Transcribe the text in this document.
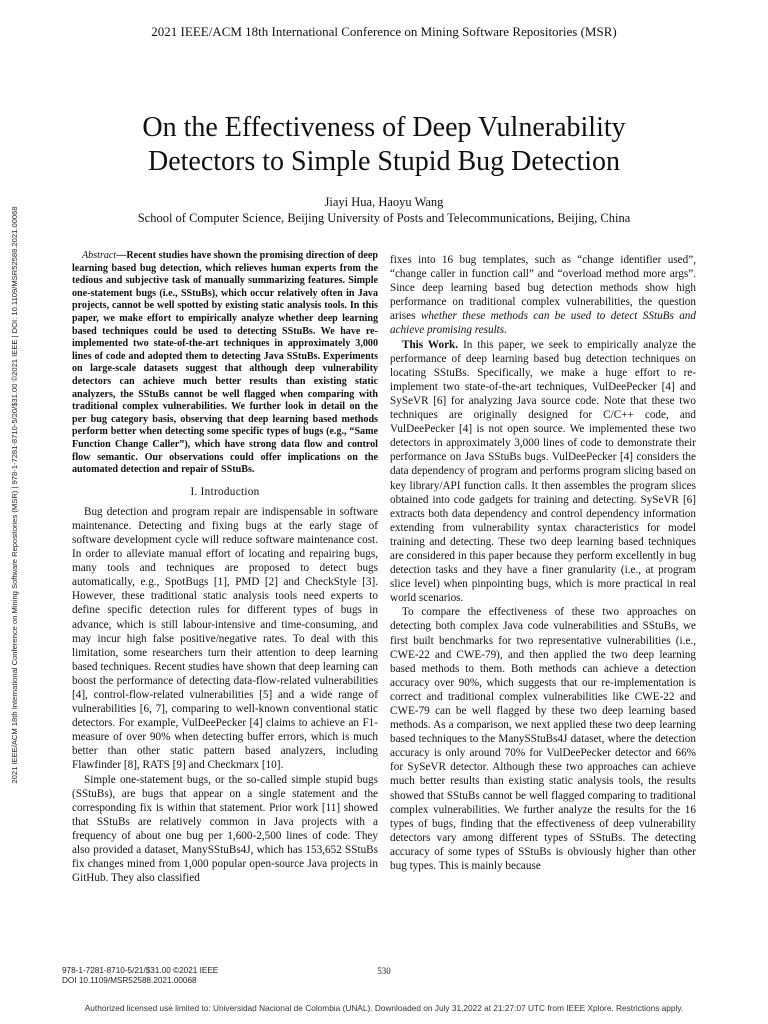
2021 IEEE/ACM 18th International Conference on Mining Software Repositories (MSR)
2021 IEEE/ACM 18th International Conference on Mining Software Repositories (MSR) | 978-1-7281-8710-5/20/$31.00 ©2021 IEEE | DOI: 10.1109/MSR52588.2021.00068
On the Effectiveness of Deep Vulnerability
Detectors to Simple Stupid Bug Detection
Jiayi Hua, Haoyu Wang
School of Computer Science, Beijing University of Posts and Telecommunications, Beijing, China

Abstract—Recent studies have shown the promising direction of deep learning based bug detection, which relieves human experts from the tedious and subjective task of manually summarizing features. Simple one-statement bugs (i.e., SStuBs), which occur relatively often in Java projects, cannot be well spotted by existing static analysis tools. In this paper, we make effort to empirically analyze whether deep learning based techniques could be used to detecting SStuBs. We have re-implemented two state-of-the-art techniques in approximately 3,000 lines of code and adopted them to detecting Java SStuBs. Experiments on large-scale datasets suggest that although deep vulnerability detectors can achieve much better results than existing static analyzers, the SStuBs cannot be well flagged when comparing with traditional complex vulnerabilities. We further look in detail on the per bug category basis, observing that deep learning based methods perform better when detecting some specific types of bugs (e.g., “Same Function Change Caller”), which have strong data flow and control flow semantic. Our observations could offer implications on the automated detection and repair of SStuBs.

I. Introduction

Bug detection and program repair are indispensable in software maintenance. Detecting and fixing bugs at the early stage of software development cycle will reduce software maintenance cost. In order to alleviate manual effort of locating and repairing bugs, many tools and techniques are proposed to detect bugs automatically, e.g., SpotBugs [1], PMD [2] and CheckStyle [3]. However, these traditional static analysis tools need experts to define specific detection rules for different types of bugs in advance, which is still labour-intensive and time-consuming, and may incur high false positive/negative rates. To deal with this limitation, some researchers turn their attention to deep learning based techniques. Recent studies have shown that deep learning can boost the performance of detecting data-flow-related vulnerabilities [4], control-flow-related vulnerabilities [5] and a wide range of vulnerabilities [6, 7], comparing to well-known conventional static detectors. For example, VulDeePecker [4] claims to achieve an F1-measure of over 90% when detecting buffer errors, which is much better than other static pattern based analyzers, including Flawfinder [8], RATS [9] and Checkmarx [10].

Simple one-statement bugs, or the so-called simple stupid bugs (SStuBs), are bugs that appear on a single statement and the corresponding fix is within that statement. Prior work [11] showed that SStuBs are relatively common in Java projects with a frequency of about one bug per 1,600-2,500 lines of code. They also provided a dataset, ManySStuBs4J, which has 153,652 SStuBs fix changes mined from 1,000 popular open-source Java projects in GitHub. They also classified

fixes into 16 bug templates, such as “change identifier used”, “change caller in function call” and “overload method more args”. Since deep learning based bug detection methods show high performance on traditional complex vulnerabilities, the question arises whether these methods can be used to detect SStuBs and achieve promising results.

This Work. In this paper, we seek to empirically analyze the performance of deep learning based bug detection techniques on locating SStuBs. Specifically, we make a huge effort to re-implement two state-of-the-art techniques, VulDeePecker [4] and SySeVR [6] for analyzing Java source code. Note that these two techniques are originally designed for C/C++ code, and VulDeePecker [4] is not open source. We implemented these two detectors in approximately 3,000 lines of code to demonstrate their performance on Java SStuBs bugs. VulDeePecker [4] considers the data dependency of program and performs program slicing based on key library/API function calls. It then assembles the program slices obtained into code gadgets for training and detecting. SySeVR [6] extracts both data dependency and control dependency information extending from vulnerability syntax characteristics for model training and detecting. These two deep learning based techniques are considered in this paper because they perform excellently in bug detection tasks and they have a finer granularity (i.e., at program slice level) when pinpointing bugs, which is more practical in real world scenarios.

To compare the effectiveness of these two approaches on detecting both complex Java code vulnerabilities and SStuBs, we first built benchmarks for two representative vulnerabilities (i.e., CWE-22 and CWE-79), and then applied the two deep learning based methods to them. Both methods can achieve a detection accuracy over 90%, which suggests that our re-implementation is correct and traditional complex vulnerabilities like CWE-22 and CWE-79 can be well flagged by these two deep learning based methods. As a comparison, we next applied these two deep learning based techniques to the ManySStuBs4J dataset, where the detection accuracy is only around 70% for VulDeePecker detector and 66% for SySeVR detector. Although these two approaches can achieve much better results than existing static analysis tools, the results showed that SStuBs cannot be well flagged comparing to traditional complex vulnerabilities. We further analyze the results for the 16 types of bugs, finding that the effectiveness of deep vulnerability detectors vary among different types of SStuBs. The detecting accuracy of some types of SStuBs is obviously higher than other bug types. This is mainly because

978-1-7281-8710-5/21/$31.00 ©2021 IEEE
DOI 10.1109/MSR52588.2021.00068
530
Authorized licensed use limited to: Universidad Nacional de Colombia (UNAL). Downloaded on July 31,2022 at 21:27:07 UTC from IEEE Xplore. Restrictions apply.
